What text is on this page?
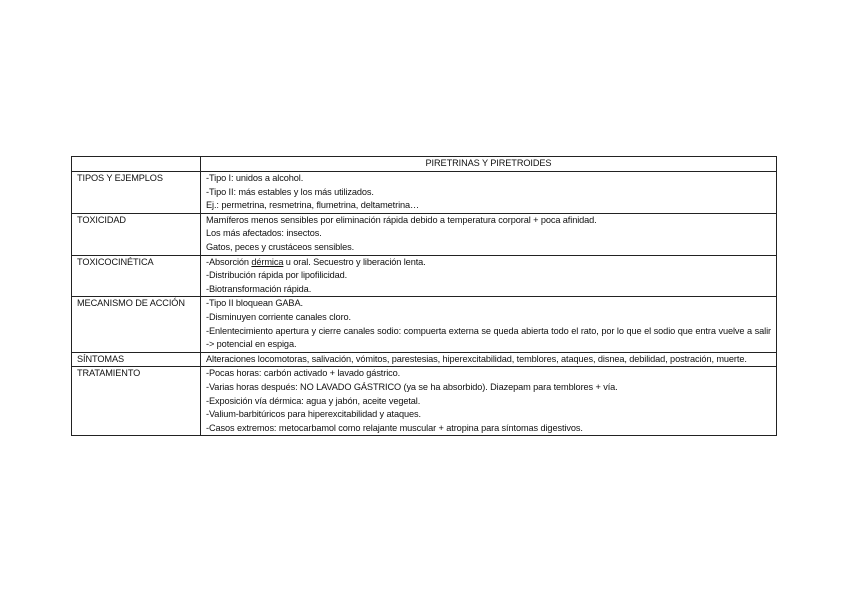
	PIRETRINAS Y PIRETROIDES
TIPOS Y EJEMPLOS	-Tipo I: unidos a alcohol.
-Tipo II: más estables y los más utilizados.
Ej.: permetrina, resmetrina, flumetrina, deltametrina…

TOXICIDAD	Mamíferos menos sensibles por eliminación rápida debido a temperatura corporal + poca afinidad.
Los más afectados: insectos.
Gatos, peces y crustáceos sensibles.

TOXICOCINÉTICA	-Absorción dérmica u oral. Secuestro y liberación lenta.
-Distribución rápida por lipofilicidad.
-Biotransformación rápida.

MECANISMO DE ACCIÓN	-Tipo II bloquean GABA.
-Disminuyen corriente canales cloro.
-Enlentecimiento apertura y cierre canales sodio: compuerta externa se queda abierta todo el rato, por lo que el sodio que entra vuelve a salir -> potencial en espiga.

SÍNTOMAS	Alteraciones locomotoras, salivación, vómitos, parestesias, hiperexcitabilidad, temblores, ataques, disnea, debilidad, postración, muerte.

TRATAMIENTO	-Pocas horas: carbón activado + lavado gástrico.
-Varias horas después: NO LAVADO GÁSTRICO (ya se ha absorbido). Diazepam para temblores + vía.
-Exposición vía dérmica: agua y jabón, aceite vegetal.
-Valium-barbitúricos para hiperexcitabilidad y ataques.
-Casos extremos: metocarbamol como relajante muscular + atropina para síntomas digestivos.
